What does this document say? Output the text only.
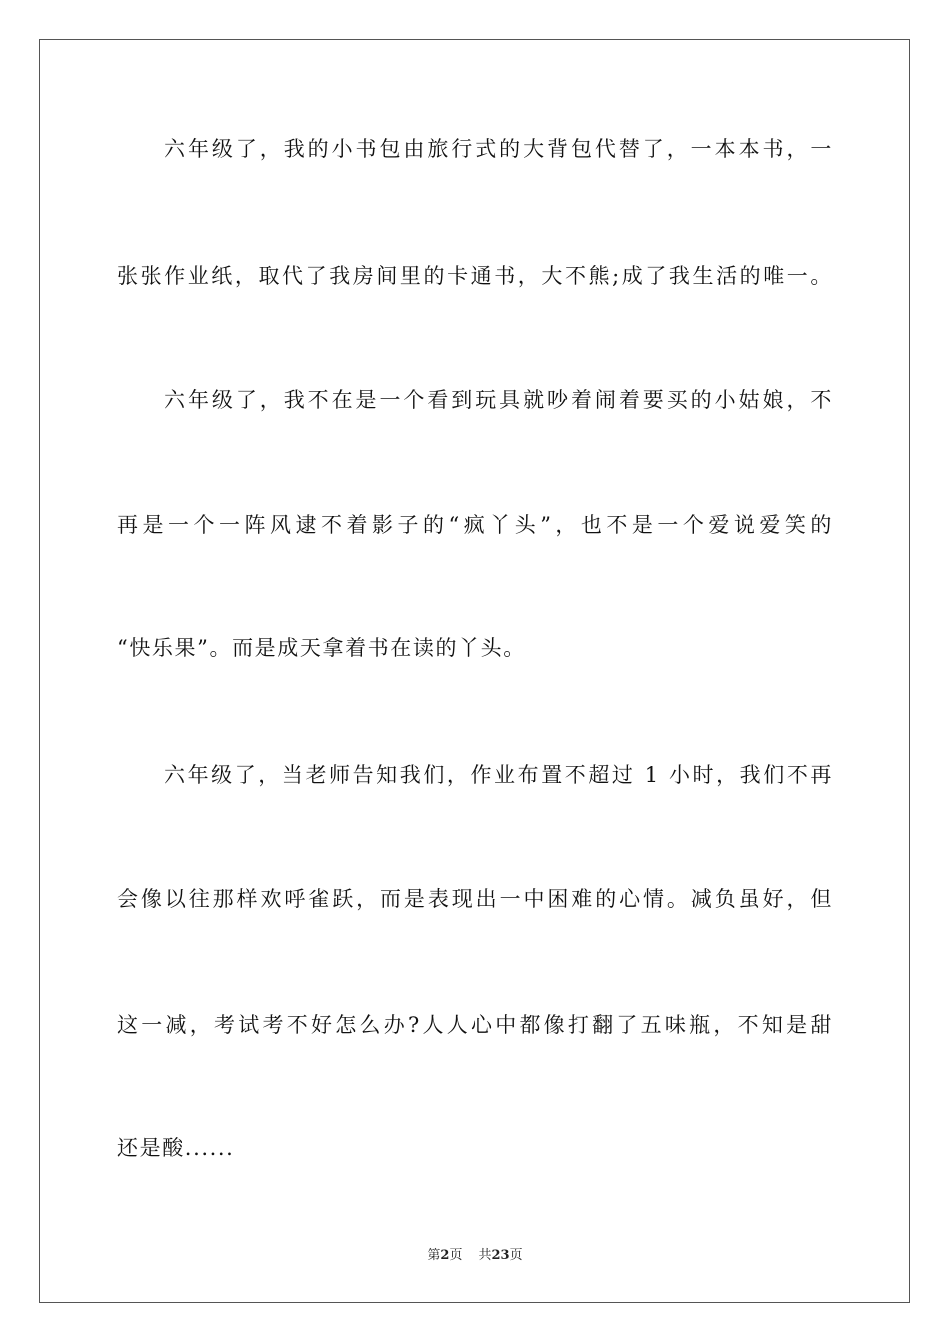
六年级了，我的小书包由旅行式的大背包代替了，一本本书，一
张张作业纸，取代了我房间里的卡通书，大不熊;成了我生活的唯一。
六年级了，我不在是一个看到玩具就吵着闹着要买的小姑娘，不
再是一个一阵风逮不着影子的“疯丫头”，也不是一个爱说爱笑的
“快乐果”。而是成天拿着书在读的丫头。
六年级了，当老师告知我们，作业布置不超过 1 小时，我们不再
会像以往那样欢呼雀跃，而是表现出一中困难的心情。减负虽好，但
这一减，考试考不好怎么办?人人心中都像打翻了五味瓶，不知是甜
还是酸......
第2页 共23页
